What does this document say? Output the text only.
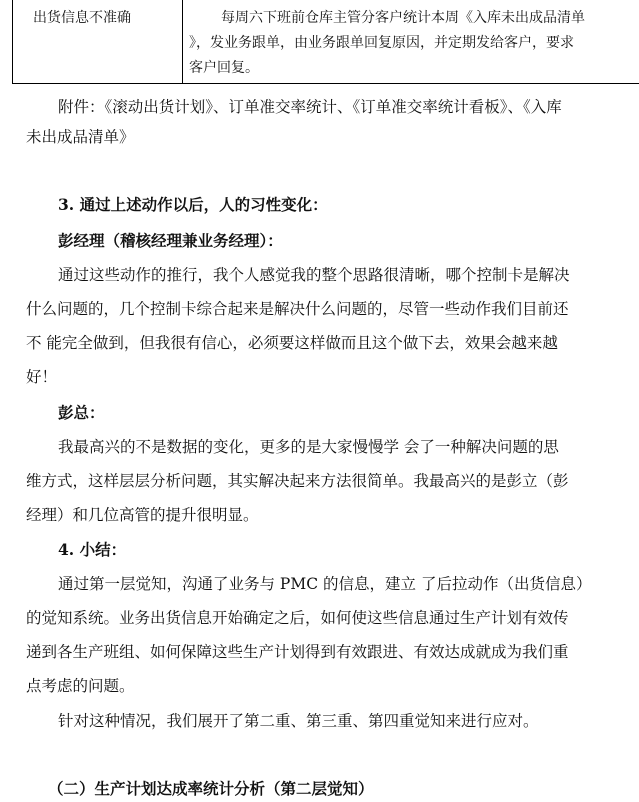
出货信息不准确	每周六下班前仓库主管分客户统计本周《入库未出成品清单
》，发业务跟单，由业务跟单回复原因，并定期发给客户，要求
客户回复。
附件：《滚动出货计划》、订单准交率统计、《订单准交率统计看板》、《入库
未出成品清单》
3. 通过上述动作以后，人的习性变化：
彭经理（稽核经理兼业务经理）：
通过这些动作的推行，我个人感觉我的整个思路很清晰，哪个控制卡是解决
什么问题的，几个控制卡综合起来是解决什么问题的，尽管一些动作我们目前还
不 能完全做到，但我很有信心，必须要这样做而且这个做下去，效果会越来越
好！
彭总：
我最高兴的不是数据的变化，更多的是大家慢慢学 会了一种解决问题的思
维方式，这样层层分析问题，其实解决起来方法很简单。我最高兴的是彭立（彭
经理）和几位高管的提升很明显。
4. 小结：
通过第一层觉知，沟通了业务与 PMC 的信息，建立 了后拉动作（出货信息）
的觉知系统。业务出货信息开始确定之后，如何使这些信息通过生产计划有效传
递到各生产班组、如何保障这些生产计划得到有效跟进、有效达成就成为我们重
点考虑的问题。
针对这种情况，我们展开了第二重、第三重、第四重觉知来进行应对。
（二）生产计划达成率统计分析（第二层觉知）
